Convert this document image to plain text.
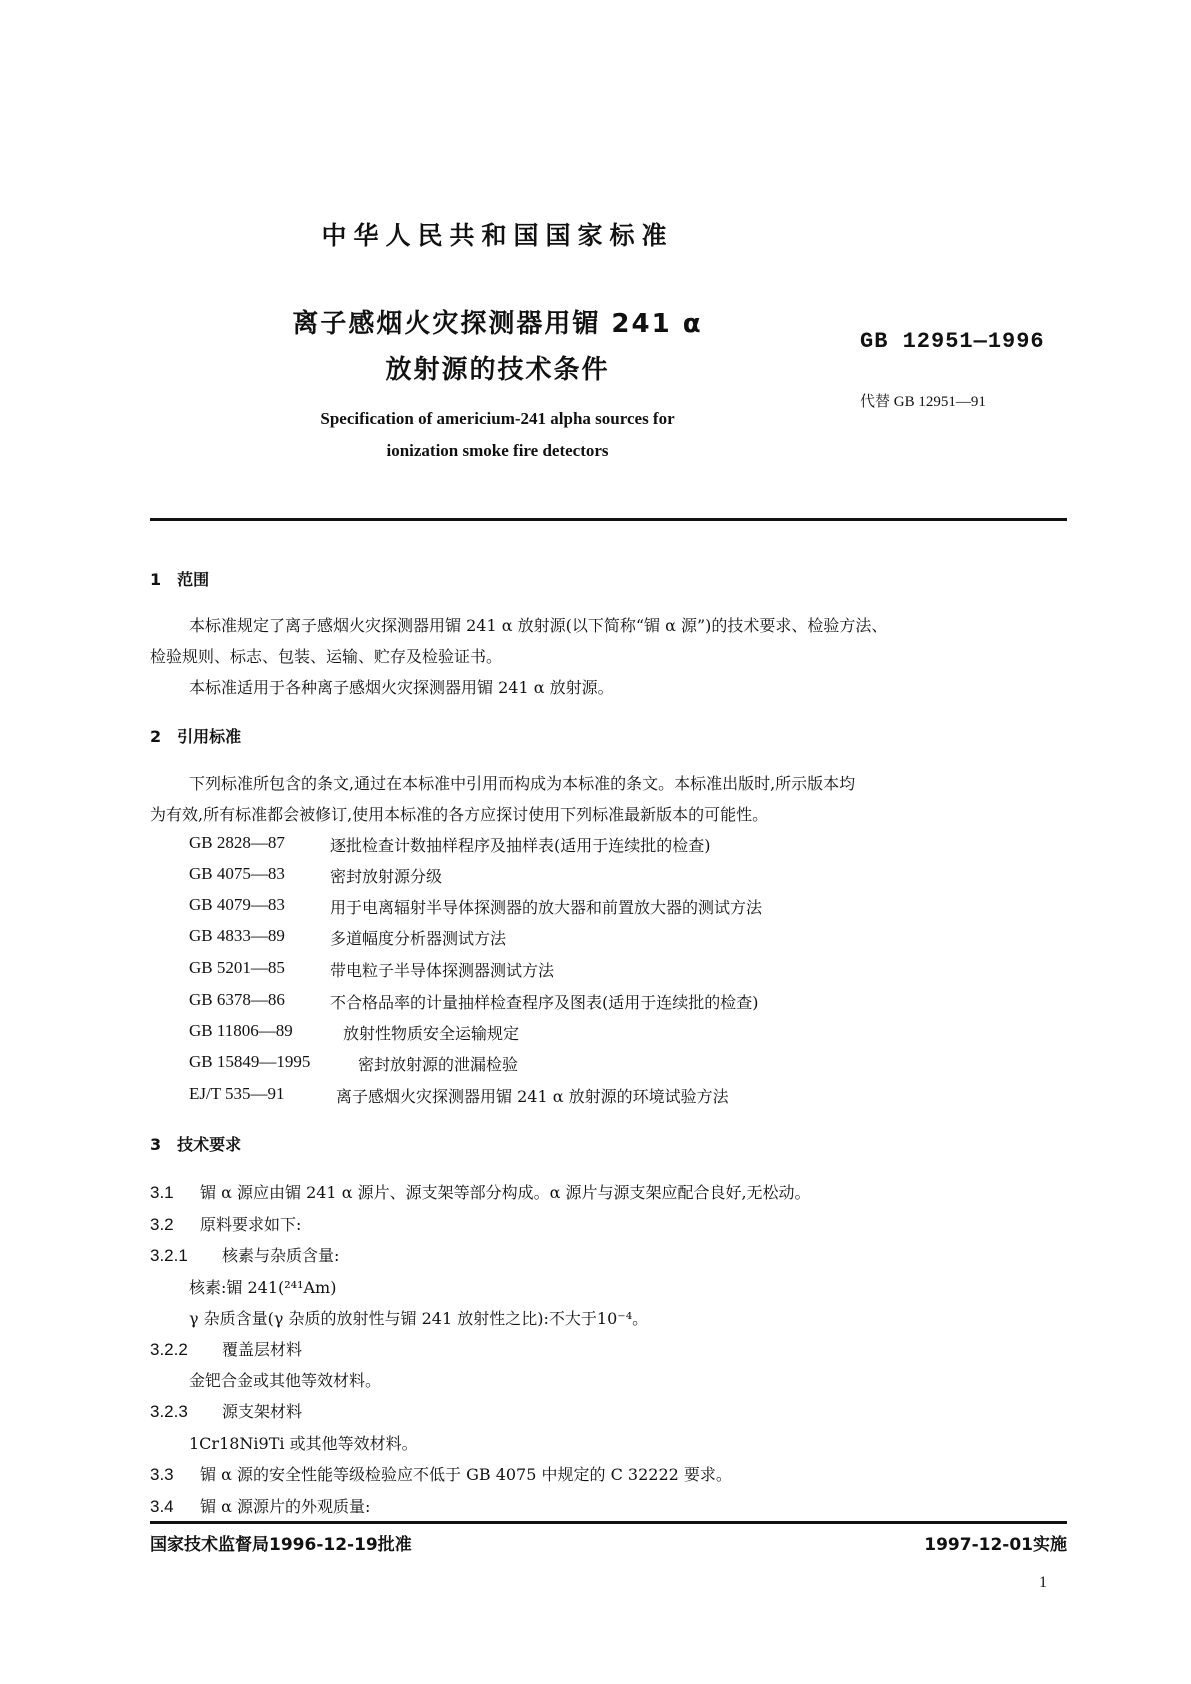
中华人民共和国国家标准
离子感烟火灾探测器用镅 241 α
放射源的技术条件
Specification of americium-241 alpha sources for
ionization smoke fire detectors
GB 12951—1996
代替 GB 12951—91
1　范围
本标准规定了离子感烟火灾探测器用镅 241 α 放射源(以下简称“镅 α 源”)的技术要求、检验方法、
检验规则、标志、包装、运输、贮存及检验证书。
本标准适用于各种离子感烟火灾探测器用镅 241 α 放射源。
2　引用标准
下列标准所包含的条文,通过在本标准中引用而构成为本标准的条文。本标准出版时,所示版本均
为有效,所有标准都会被修订,使用本标准的各方应探讨使用下列标准最新版本的可能性。
GB 2828—87	逐批检查计数抽样程序及抽样表(适用于连续批的检查)
GB 4075—83	密封放射源分级
GB 4079—83	用于电离辐射半导体探测器的放大器和前置放大器的测试方法
GB 4833—89	多道幅度分析器测试方法
GB 5201—85	带电粒子半导体探测器测试方法
GB 6378—86	不合格品率的计量抽样检查程序及图表(适用于连续批的检查)
GB 11806—89	放射性物质安全运输规定
GB 15849—1995	密封放射源的泄漏检验
EJ/T 535—91	离子感烟火灾探测器用镅 241 α 放射源的环境试验方法
3　技术要求
3.1 镅 α 源应由镅 241 α 源片、源支架等部分构成。α 源片与源支架应配合良好,无松动。
3.2 原料要求如下:
3.2.1 核素与杂质含量:
核素:镅 241(²⁴¹Am)
γ 杂质含量(γ 杂质的放射性与镅 241 放射性之比):不大于10⁻⁴。
3.2.2 覆盖层材料
金钯合金或其他等效材料。
3.2.3 源支架材料
1Cr18Ni9Ti 或其他等效材料。
3.3 镅 α 源的安全性能等级检验应不低于 GB 4075 中规定的 C 32222 要求。
3.4 镅 α 源源片的外观质量:
国家技术监督局1996-12-19批准	1997-12-01实施
1
